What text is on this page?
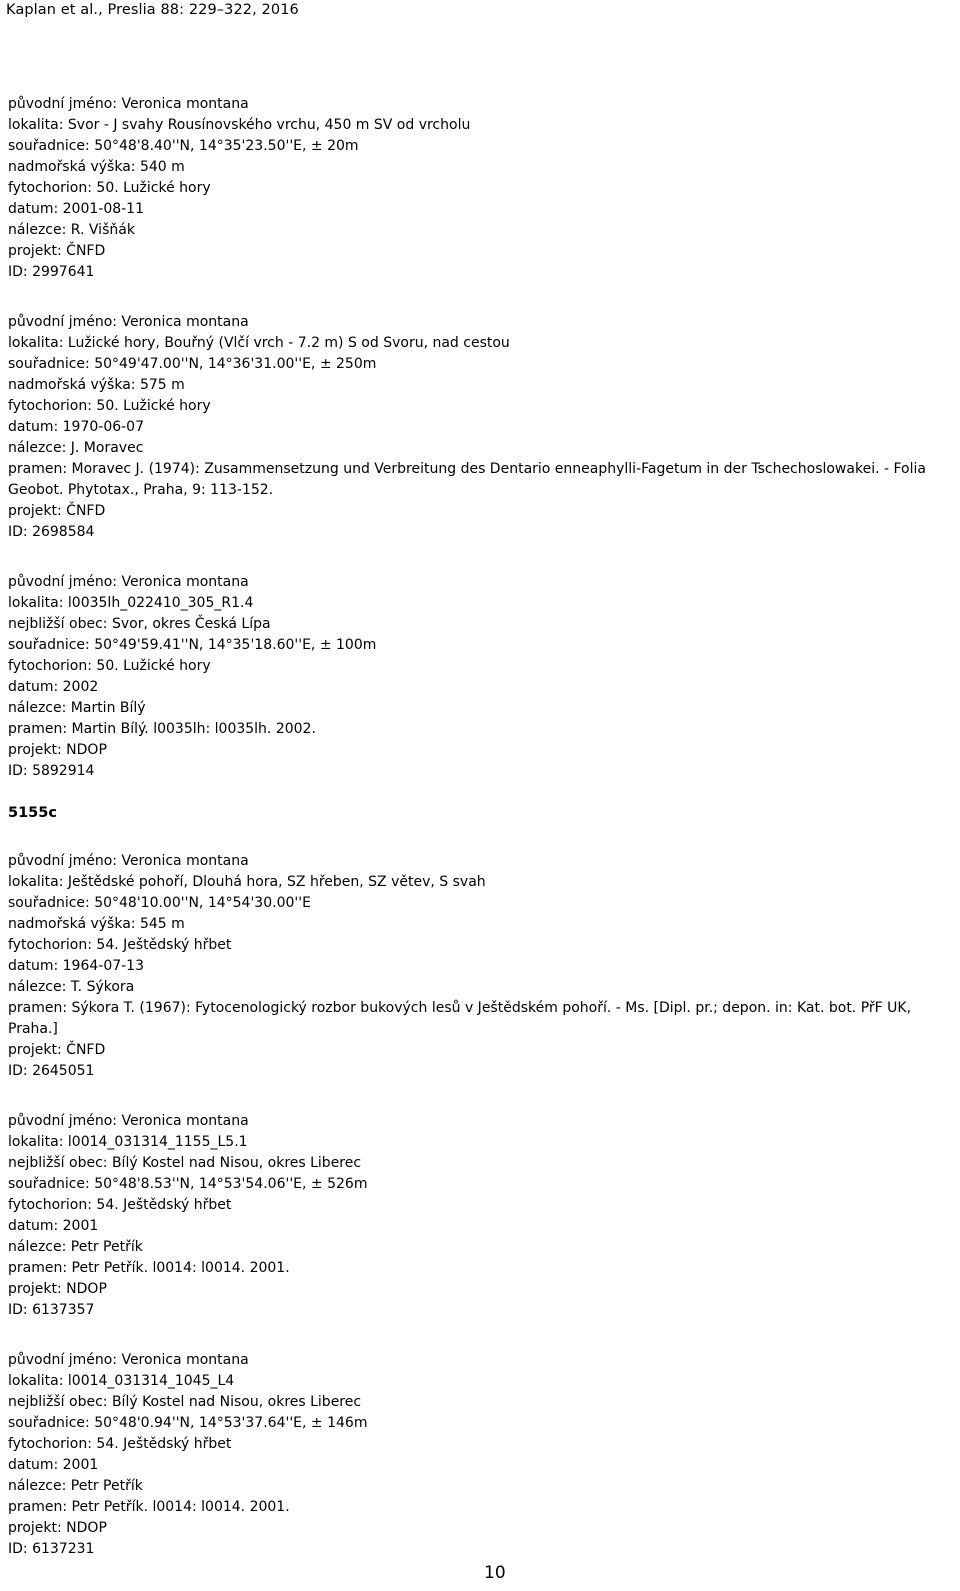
Kaplan et al., Preslia 88: 229–322, 2016
původní jméno: Veronica montana
lokalita: Svor - J svahy Rousínovského vrchu, 450 m SV od vrcholu
souřadnice: 50°48'8.40''N, 14°35'23.50''E, ± 20m
nadmořská výška: 540 m
fytochorion: 50. Lužické hory
datum: 2001-08-11
nálezce: R. Višňák
projekt: ČNFD
ID: 2997641
původní jméno: Veronica montana
lokalita: Lužické hory, Bouřný (Vlčí vrch - 7.2 m) S od Svoru, nad cestou
souřadnice: 50°49'47.00''N, 14°36'31.00''E, ± 250m
nadmořská výška: 575 m
fytochorion: 50. Lužické hory
datum: 1970-06-07
nálezce: J. Moravec
pramen: Moravec J. (1974): Zusammensetzung und Verbreitung des Dentario enneaphylli-Fagetum in der Tschechoslowakei. - Folia Geobot. Phytotax., Praha, 9: 113-152.
projekt: ČNFD
ID: 2698584
původní jméno: Veronica montana
lokalita: l0035lh_022410_305_R1.4
nejbližší obec: Svor, okres Česká Lípa
souřadnice: 50°49'59.41''N, 14°35'18.60''E, ± 100m
fytochorion: 50. Lužické hory
datum: 2002
nálezce: Martin Bílý
pramen: Martin Bílý. l0035lh: l0035lh. 2002.
projekt: NDOP
ID: 5892914
5155c
původní jméno: Veronica montana
lokalita: Ještědské pohoří, Dlouhá hora, SZ hřeben, SZ větev, S svah
souřadnice: 50°48'10.00''N, 14°54'30.00''E
nadmořská výška: 545 m
fytochorion: 54. Ještědský hřbet
datum: 1964-07-13
nálezce: T. Sýkora
pramen: Sýkora T. (1967): Fytocenologický rozbor bukových lesů v Ještědském pohoří. - Ms. [Dipl. pr.; depon. in: Kat. bot. PřF UK, Praha.]
projekt: ČNFD
ID: 2645051
původní jméno: Veronica montana
lokalita: l0014_031314_1155_L5.1
nejbližší obec: Bílý Kostel nad Nisou, okres Liberec
souřadnice: 50°48'8.53''N, 14°53'54.06''E, ± 526m
fytochorion: 54. Ještědský hřbet
datum: 2001
nálezce: Petr Petřík
pramen: Petr Petřík. l0014: l0014. 2001.
projekt: NDOP
ID: 6137357
původní jméno: Veronica montana
lokalita: l0014_031314_1045_L4
nejbližší obec: Bílý Kostel nad Nisou, okres Liberec
souřadnice: 50°48'0.94''N, 14°53'37.64''E, ± 146m
fytochorion: 54. Ještědský hřbet
datum: 2001
nálezce: Petr Petřík
pramen: Petr Petřík. l0014: l0014. 2001.
projekt: NDOP
ID: 6137231
10
